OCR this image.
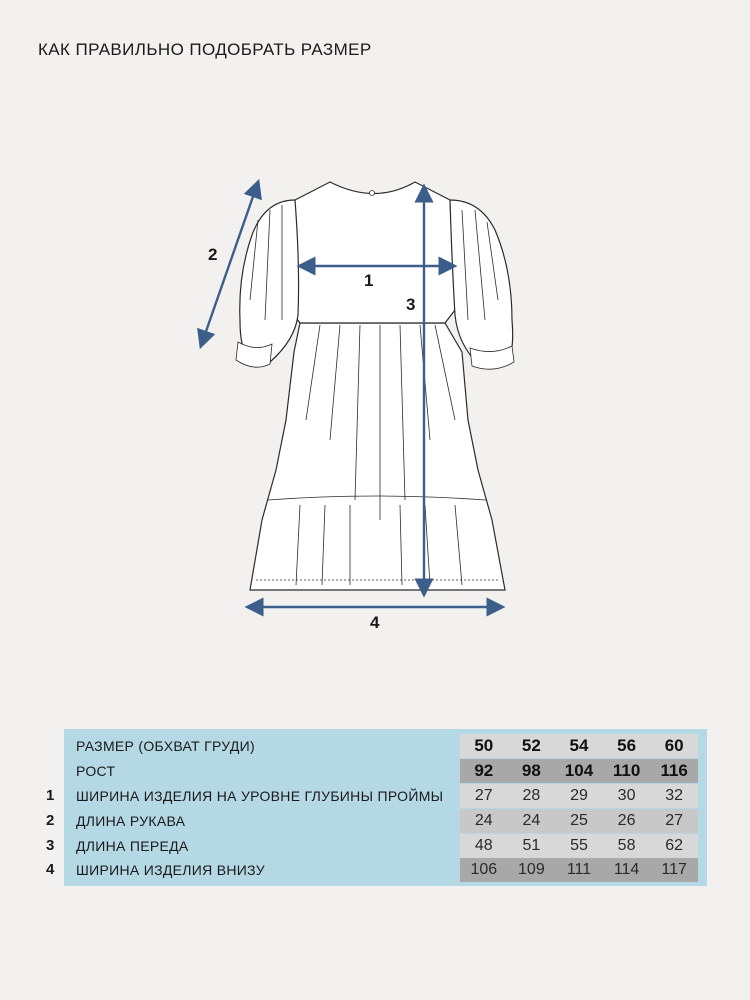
КАК ПРАВИЛЬНО ПОДОБРАТЬ РАЗМЕР
1
2
3
4
РАЗМЕР (ОБХВАТ ГРУДИ)	50	52	54	56	60
РОСТ	92	98	104	110	116
ШИРИНА ИЗДЕЛИЯ НА УРОВНЕ ГЛУБИНЫ ПРОЙМЫ	27	28	29	30	32
ДЛИНА РУКАВА	24	24	25	26	27
ДЛИНА ПЕРЕДА	48	51	55	58	62
ШИРИНА ИЗДЕЛИЯ ВНИЗУ	106	109	111	114	117
1
2
3
4
